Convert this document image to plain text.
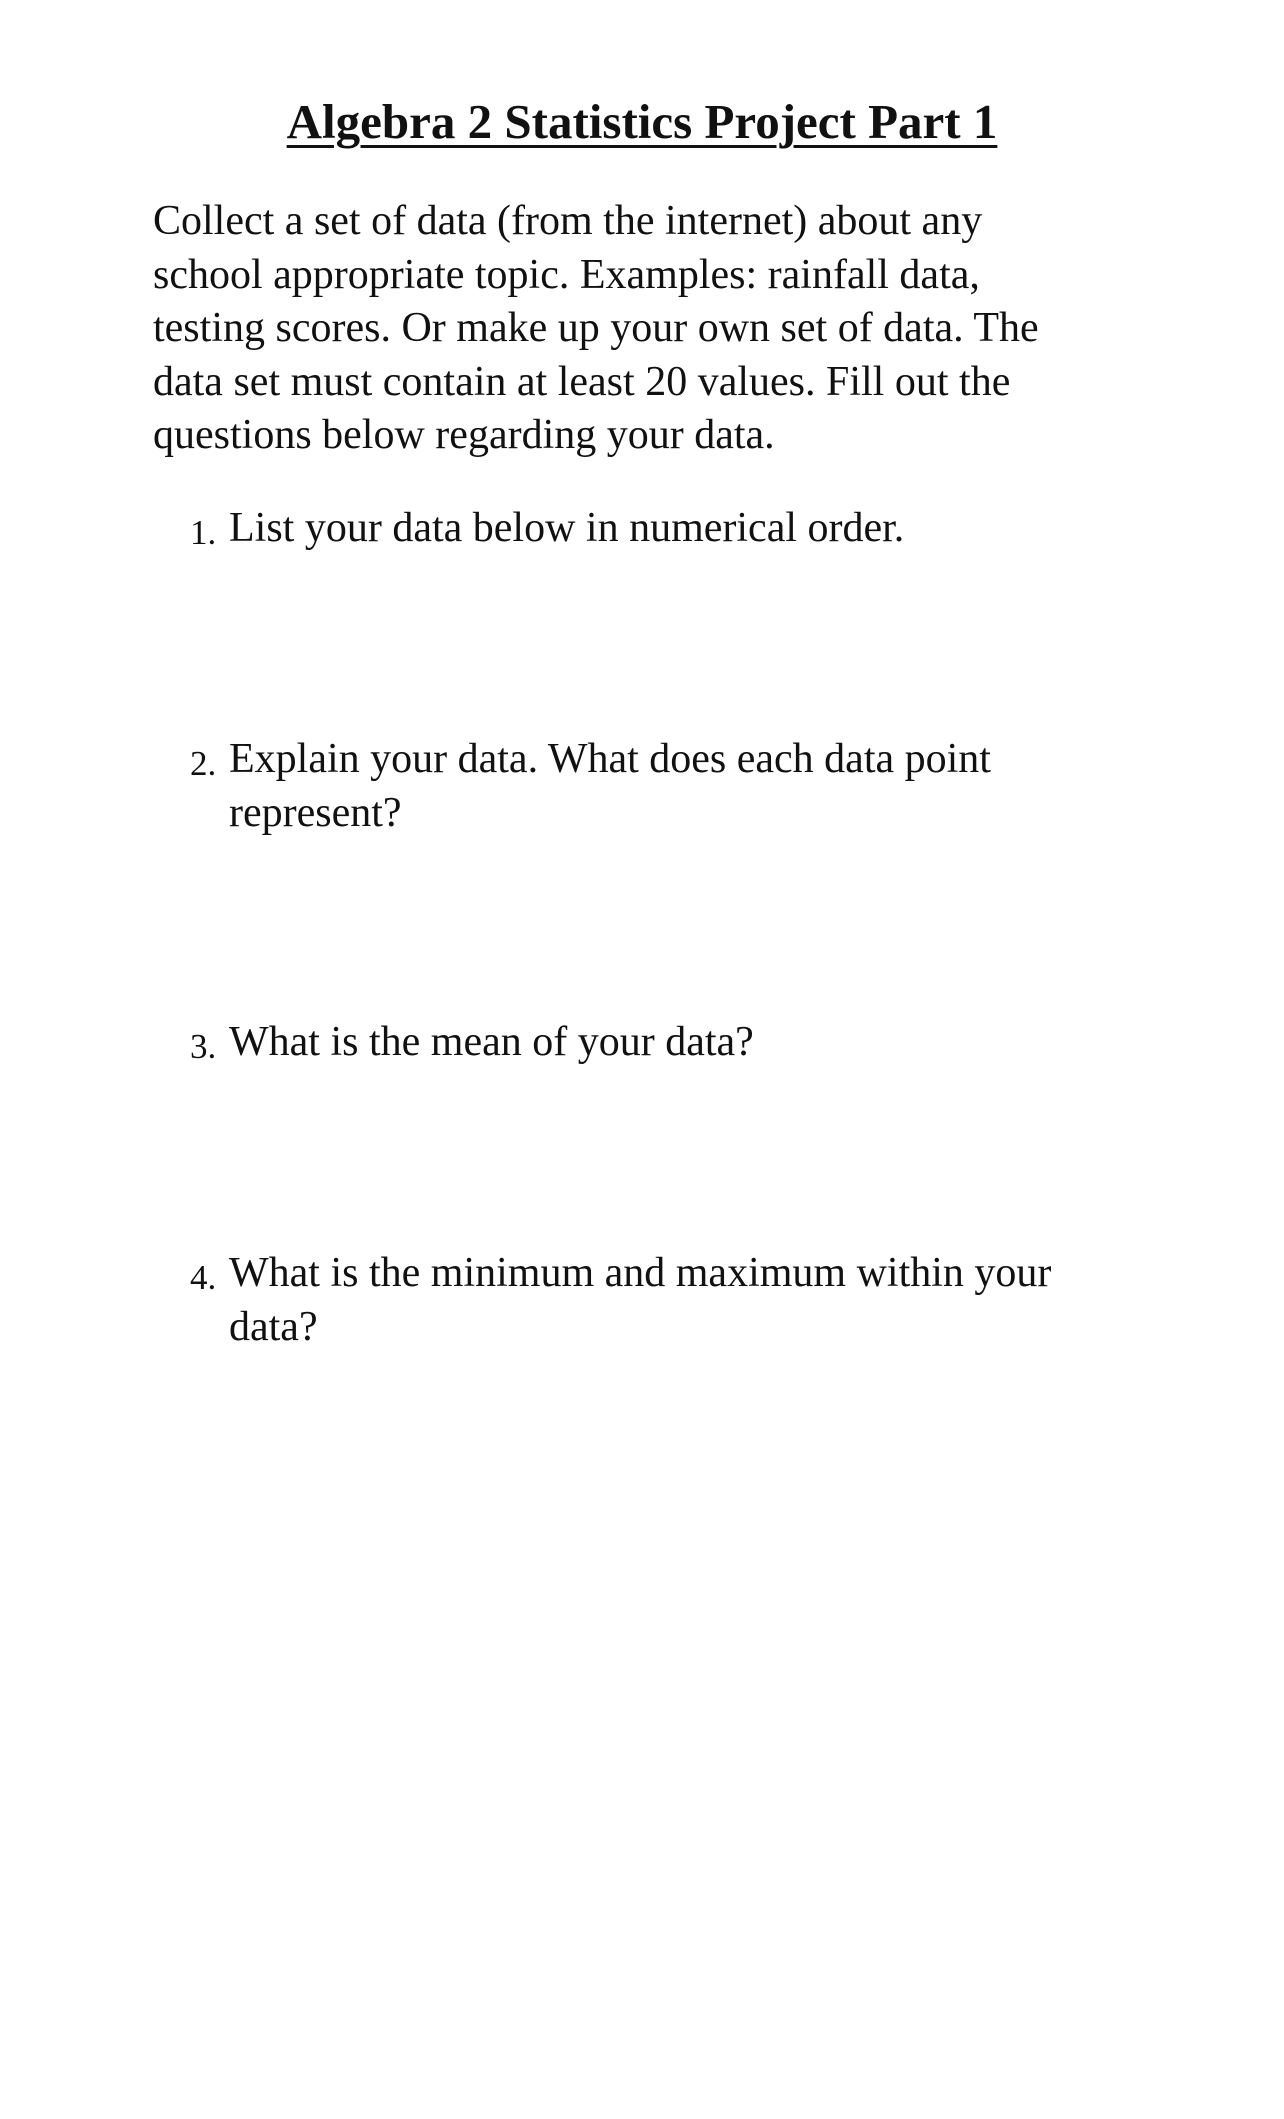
Algebra 2 Statistics Project Part 1

Collect a set of data (from the internet) about any
school appropriate topic. Examples: rainfall data,
testing scores. Or make up your own set of data. The
data set must contain at least 20 values. Fill out the
questions below regarding your data.

1. List your data below in numerical order.
2. Explain your data. What does each data point
represent?
3. What is the mean of your data?
4. What is the minimum and maximum within your
data?
